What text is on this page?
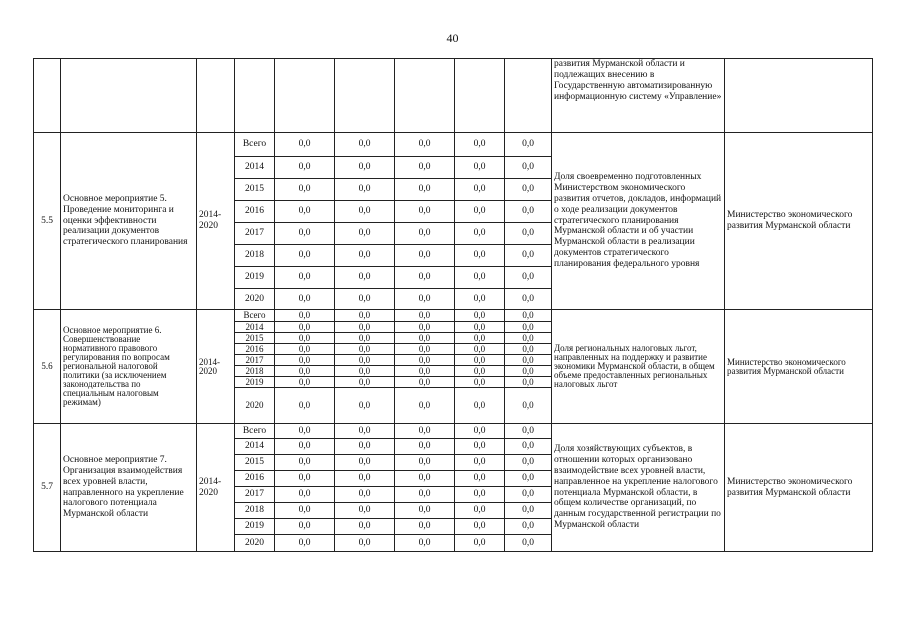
40
									развития Мурманской области и подлежащих внесению в Государственную автоматизированную информационную систему «Управление»	
5.5	Основное мероприятие 5. Проведение мониторинга и оценки эффективности реализации документов стратегического планирования	2014-2020	Всего	0,0	0,0	0,0	0,0	0,0	Доля своевременно подготовленных Министерством экономического развития отчетов, докладов, информаций о ходе реализации документов стратегического планирования Мурманской области и об участии Мурманской области в реализации документов стратегического планирования федерального уровня	Министерство экономического развития Мурманской области
			2014	0,0	0,0	0,0	0,0	0,0		
			2015	0,0	0,0	0,0	0,0	0,0		
			2016	0,0	0,0	0,0	0,0	0,0		
			2017	0,0	0,0	0,0	0,0	0,0		
			2018	0,0	0,0	0,0	0,0	0,0		
			2019	0,0	0,0	0,0	0,0	0,0		
			2020	0,0	0,0	0,0	0,0	0,0		
5.6	Основное мероприятие 6. Совершенствование нормативного правового регулирования по вопросам региональной налоговой политики (за исключением законодательства по специальным налоговым режимам)	2014-2020	Всего	0,0	0,0	0,0	0,0	0,0	Доля региональных налоговых льгот, направленных на поддержку и развитие экономики Мурманской области, в общем объеме предоставленных региональных налоговых льгот	Министерство экономического развития Мурманской области
			2014	0,0	0,0	0,0	0,0	0,0		
			2015	0,0	0,0	0,0	0,0	0,0		
			2016	0,0	0,0	0,0	0,0	0,0		
			2017	0,0	0,0	0,0	0,0	0,0		
			2018	0,0	0,0	0,0	0,0	0,0		
			2019	0,0	0,0	0,0	0,0	0,0		
			2020	0,0	0,0	0,0	0,0	0,0		
5.7	Основное мероприятие 7. Организация взаимодействия всех уровней власти, направленного на укрепление налогового потенциала Мурманской области	2014-2020	Всего	0,0	0,0	0,0	0,0	0,0	Доля хозяйствующих субъектов, в отношении которых организовано взаимодействие всех уровней власти, направленное на укрепление налогового потенциала Мурманской области, в общем количестве организаций, по данным государственной регистрации по Мурманской области	Министерство экономического развития Мурманской области
			2014	0,0	0,0	0,0	0,0	0,0		
			2015	0,0	0,0	0,0	0,0	0,0		
			2016	0,0	0,0	0,0	0,0	0,0		
			2017	0,0	0,0	0,0	0,0	0,0		
			2018	0,0	0,0	0,0	0,0	0,0		
			2019	0,0	0,0	0,0	0,0	0,0		
			2020	0,0	0,0	0,0	0,0	0,0		
